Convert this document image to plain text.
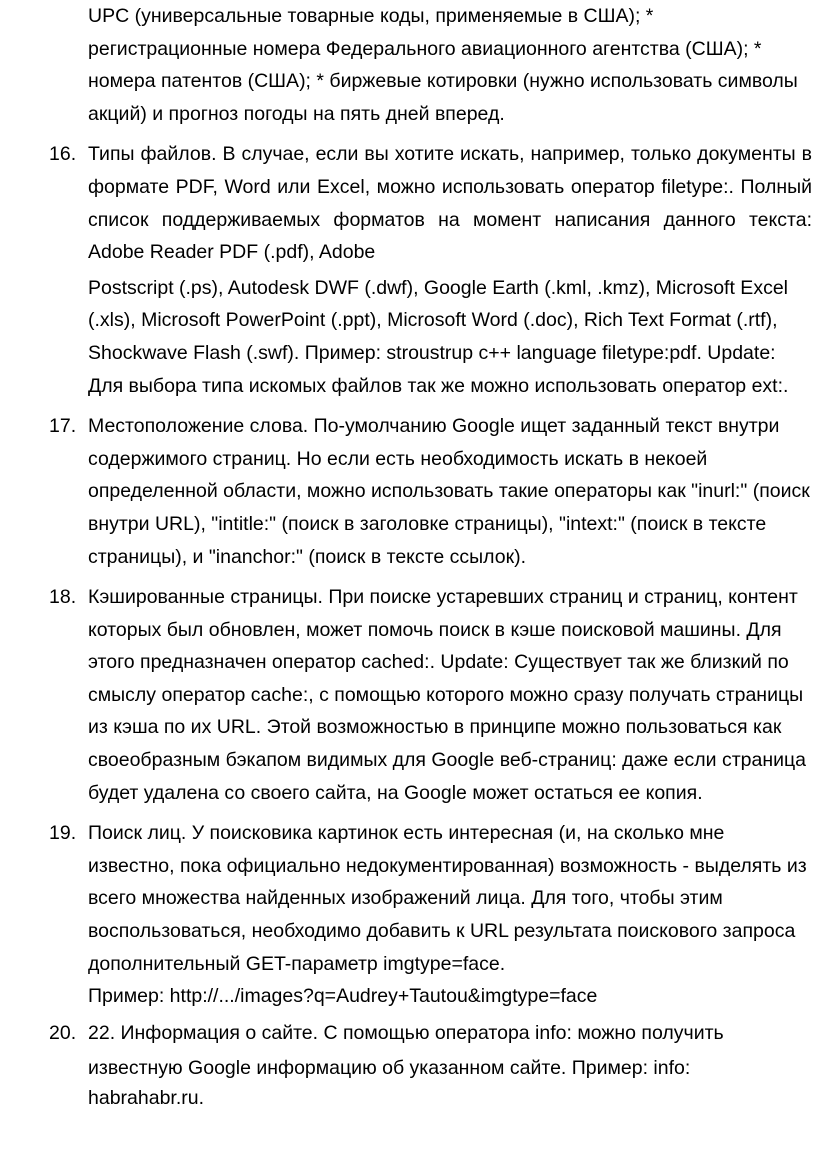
UPC (универсальные товарные коды, применяемые в США); * регистрационные номера Федерального авиационного агентства (США); * номера патентов (США); * биржевые котировки (нужно использовать символы акций) и прогноз погоды на пять дней вперед.

16. Типы файлов. В случае, если вы хотите искать, например, только документы в формате PDF, Word или Excel, можно использовать оператор filetype:. Полный список поддерживаемых форматов на момент написания данного текста: Adobe Reader PDF (.pdf), Adobe

Postscript (.ps), Autodesk DWF (.dwf), Google Earth (.kml, .kmz), Microsoft Excel (.xls), Microsoft PowerPoint (.ppt), Microsoft Word (.doc), Rich Text Format (.rtf), Shockwave Flash (.swf). Пример: stroustrup c++ language filetype:pdf. Update: Для выбора типа искомых файлов так же можно использовать оператор ext:.

17. Местоположение слова. По-умолчанию Google ищет заданный текст внутри содержимого страниц. Но если есть необходимость искать в некоей определенной области, можно использовать такие операторы как "inurl:" (поиск внутри URL), "intitle:" (поиск в заголовке страницы), "intext:" (поиск в тексте страницы), и "inanchor:" (поиск в тексте ссылок).

18. Кэшированные страницы. При поиске устаревших страниц и страниц, контент которых был обновлен, может помочь поиск в кэше поисковой машины. Для этого предназначен оператор cached:. Update: Существует так же близкий по смыслу оператор cache:, с помощью которого можно сразу получать страницы из кэша по их URL. Этой возможностью в принципе можно пользоваться как своеобразным бэкапом видимых для Google веб-страниц: даже если страница будет удалена со своего сайта, на Google может остаться ее копия.

19. Поиск лиц. У поисковика картинок есть интересная (и, на сколько мне известно, пока официально недокументированная) возможность - выделять из всего множества найденных изображений лица. Для того, чтобы этим воспользоваться, необходимо добавить к URL результата поискового запроса дополнительный GET-параметр imgtype=face.

Пример: http://.../images?q=Audrey+Tautou&imgtype=face

20. 22. Информация о сайте. С помощью оператора info: можно получить

известную Google информацию об указанном сайте. Пример: info:

habrahabr.ru.
